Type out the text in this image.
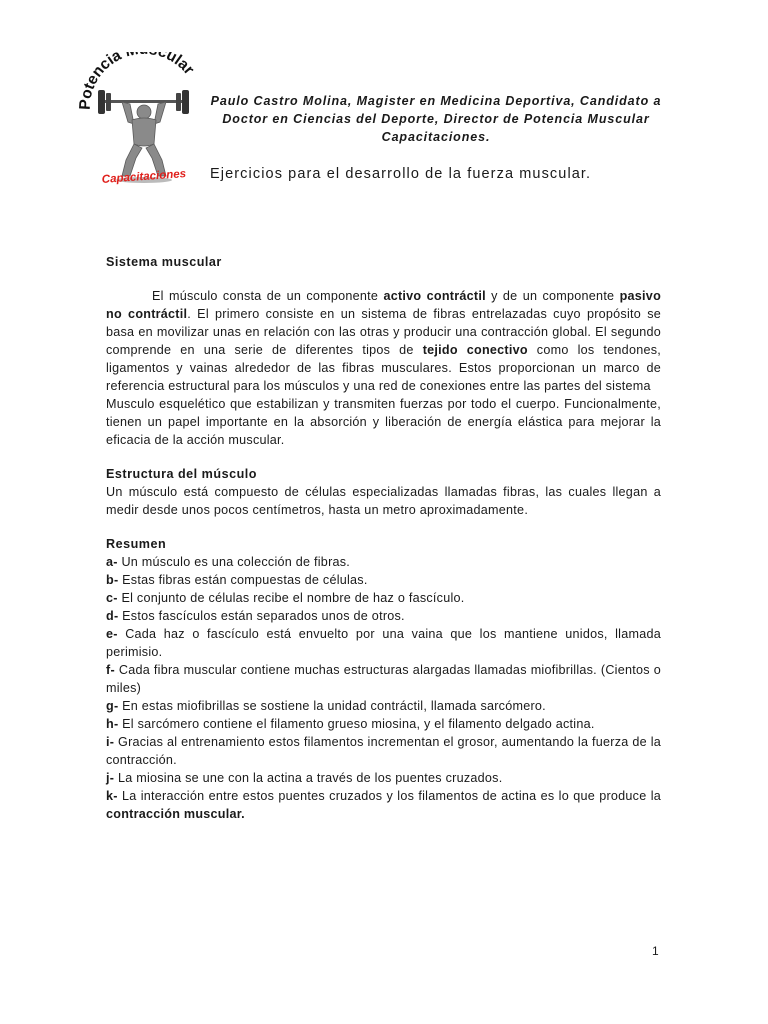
Potencia cular
Capacitaciones
Paulo Castro Molina, Magister en Medicina Deportiva, Candidato a Doctor en Ciencias del Deporte, Director de Potencia Muscular Capacitaciones.
Ejercicios para el desarrollo de la fuerza muscular.
Sistema muscular

El músculo consta de un componente activo contráctil y de un componente pasivo no contráctil. El primero consiste en un sistema de fibras entrelazadas cuyo propósito se basa en movilizar unas en relación con las otras y producir una contracción global. El segundo comprende en una serie de diferentes tipos de tejido conectivo como los tendones, ligamentos y vainas alrededor de las fibras musculares. Estos proporcionan un marco de referencia estructural para los músculos y una red de conexiones entre las partes del sistema

Musculo esquelético que estabilizan y transmiten fuerzas por todo el cuerpo. Funcionalmente, tienen un papel importante en la absorción y liberación de energía elástica para mejorar la eficacia de la acción muscular.

Estructura del músculo

Un músculo está compuesto de células especializadas llamadas fibras, las cuales llegan a medir desde unos pocos centímetros, hasta un metro aproximadamente.

Resumen

a- Un músculo es una colección de fibras.

b- Estas fibras están compuestas de células.

c- El conjunto de células recibe el nombre de haz o fascículo.

d- Estos fascículos están separados unos de otros.

e- Cada haz o fascículo está envuelto por una vaina que los mantiene unidos, llamada perimisio.

f- Cada fibra muscular contiene muchas estructuras alargadas llamadas miofibrillas. (Cientos o miles)

g- En estas miofibrillas se sostiene la unidad contráctil, llamada sarcómero.

h- El sarcómero contiene el filamento grueso miosina, y el filamento delgado actina.

i- Gracias al entrenamiento estos filamentos incrementan el grosor, aumentando la fuerza de la contracción.

j- La miosina se une con la actina a través de los puentes cruzados.

k- La interacción entre estos puentes cruzados y los filamentos de actina es lo que produce la contracción muscular.

1
